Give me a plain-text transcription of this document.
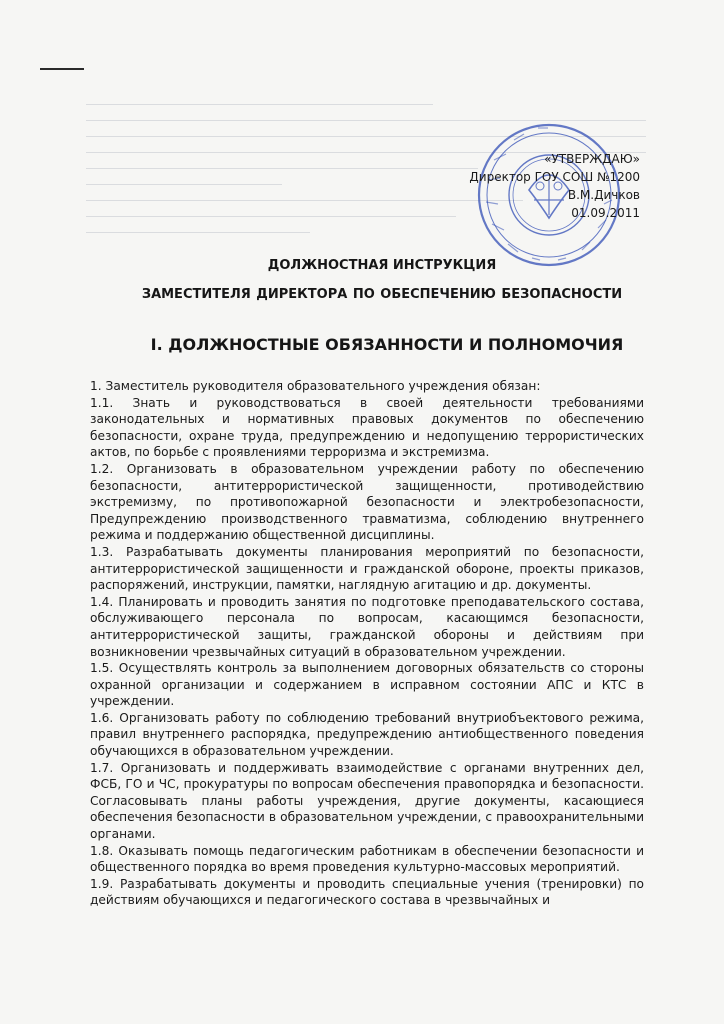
«УТВЕРЖДАЮ»
Директор ГОУ СОШ №1200
В.М.Дичков
01.09.2011
ДОЛЖНОСТНАЯ ИНСТРУКЦИЯ
ЗАМЕСТИТЕЛЯ ДИРЕКТОРА ПО ОБЕСПЕЧЕНИЮ БЕЗОПАСНОСТИ
I. ДОЛЖНОСТНЫЕ ОБЯЗАННОСТИ И ПОЛНОМОЧИЯ

1. Заместитель руководителя образовательного учреждения обязан:

1.1. Знать и руководствоваться в своей деятельности требованиями законодательных и нормативных правовых документов по обеспечению безопасности, охране труда, предупреждению и недопущению террористических актов, по борьбе с проявлениями терроризма и экстремизма.

1.2. Организовать в образовательном учреждении работу по обеспечению безопасности, антитеррористической защищенности, противодействию экстремизму, по противопожарной безопасности и электробезопасности, Предупреждению производственного травматизма, соблюдению внутреннего режима и поддержанию общественной дисциплины.

1.3. Разрабатывать документы планирования мероприятий по безопасности, антитеррористической защищенности и гражданской обороне, проекты приказов, распоряжений, инструкции, памятки, наглядную агитацию и др. документы.

1.4. Планировать и проводить занятия по подготовке преподавательского состава, обслуживающего персонала по вопросам, касающимся безопасности, антитеррористической защиты, гражданской обороны и действиям при возникновении чрезвычайных ситуаций в образовательном учреждении.

1.5. Осуществлять контроль за выполнением договорных обязательств со стороны охранной организации и содержанием в исправном состоянии АПС и КТС в учреждении.

1.6. Организовать работу по соблюдению требований внутриобъектового режима, правил внутреннего распорядка, предупреждению антиобщественного поведения обучающихся в образовательном учреждении.

1.7. Организовать и поддерживать взаимодействие с органами внутренних дел, ФСБ, ГО и ЧС, прокуратуры по вопросам обеспечения правопорядка и безопасности. Согласовывать планы работы учреждения, другие документы, касающиеся обеспечения безопасности в образовательном учреждении, с правоохранительными органами.

1.8. Оказывать помощь педагогическим работникам в обеспечении безопасности и общественного порядка во время проведения культурно-массовых мероприятий.

1.9. Разрабатывать документы и проводить специальные учения (тренировки) по действиям обучающихся и педагогического состава в чрезвычайных и
